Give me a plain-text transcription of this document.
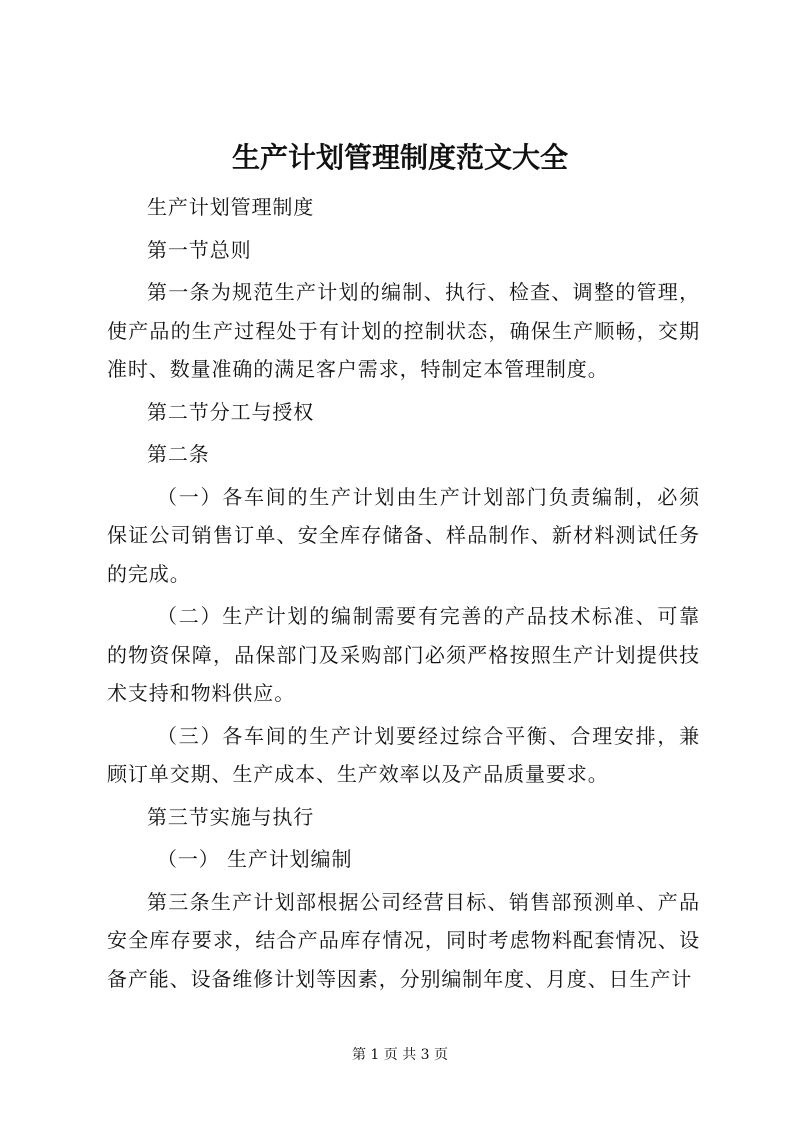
生产计划管理制度范文大全

生产计划管理制度

第一节总则

第一条为规范生产计划的编制、执行、检查、调整的管理，使产品的生产过程处于有计划的控制状态，确保生产顺畅，交期准时、数量准确的满足客户需求，特制定本管理制度。

第二节分工与授权

第二条

（一）各车间的生产计划由生产计划部门负责编制，必须保证公司销售订单、安全库存储备、样品制作、新材料测试任务的完成。

（二）生产计划的编制需要有完善的产品技术标准、可靠的物资保障，品保部门及采购部门必须严格按照生产计划提供技术支持和物料供应。

（三）各车间的生产计划要经过综合平衡、合理安排，兼顾订单交期、生产成本、生产效率以及产品质量要求。

第三节实施与执行

（一） 生产计划编制

第三条生产计划部根据公司经营目标、销售部预测单、产品安全库存要求，结合产品库存情况，同时考虑物料配套情况、设备产能、设备维修计划等因素，分别编制年度、月度、日生产计

第 1 页 共 3 页
